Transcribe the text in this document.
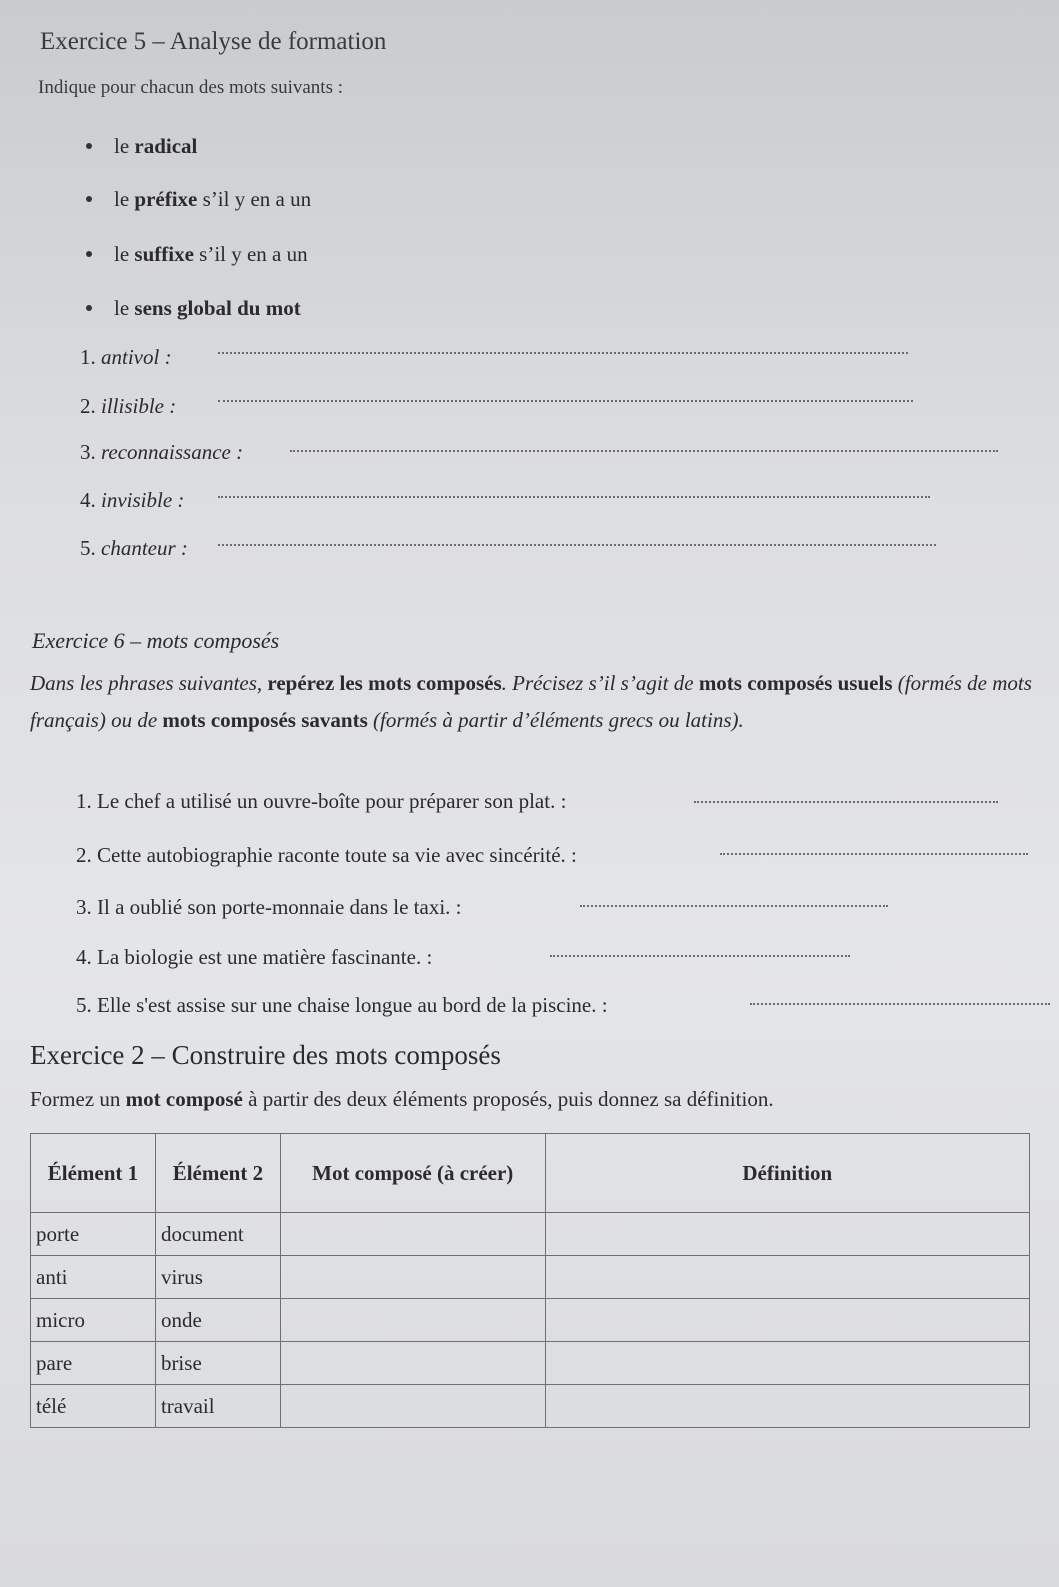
Exercice 5 – Analyse de formation
Indique pour chacun des mots suivants :
le radical
le préfixe s’il y en a un
le suffixe s’il y en a un
le sens global du mot
1. antivol :
2. illisible :
3. reconnaissance :
4. invisible :
5. chanteur :
Exercice 6 – mots composés
Dans les phrases suivantes, repérez les mots composés. Précisez s’il s’agit de mots composés usuels (formés de mots français) ou de mots composés savants (formés à partir d’éléments grecs ou latins).
1. Le chef a utilisé un ouvre-boîte pour préparer son plat. :
2. Cette autobiographie raconte toute sa vie avec sincérité. :
3. Il a oublié son porte-monnaie dans le taxi. :
4. La biologie est une matière fascinante. :
5. Elle s'est assise sur une chaise longue au bord de la piscine. :
Exercice 2 – Construire des mots composés
Formez un mot composé à partir des deux éléments proposés, puis donnez sa définition.
Élément 1	Élément 2	Mot composé (à créer)	Définition
porte	document		
anti	virus		
micro	onde		
pare	brise		
télé	travail		
